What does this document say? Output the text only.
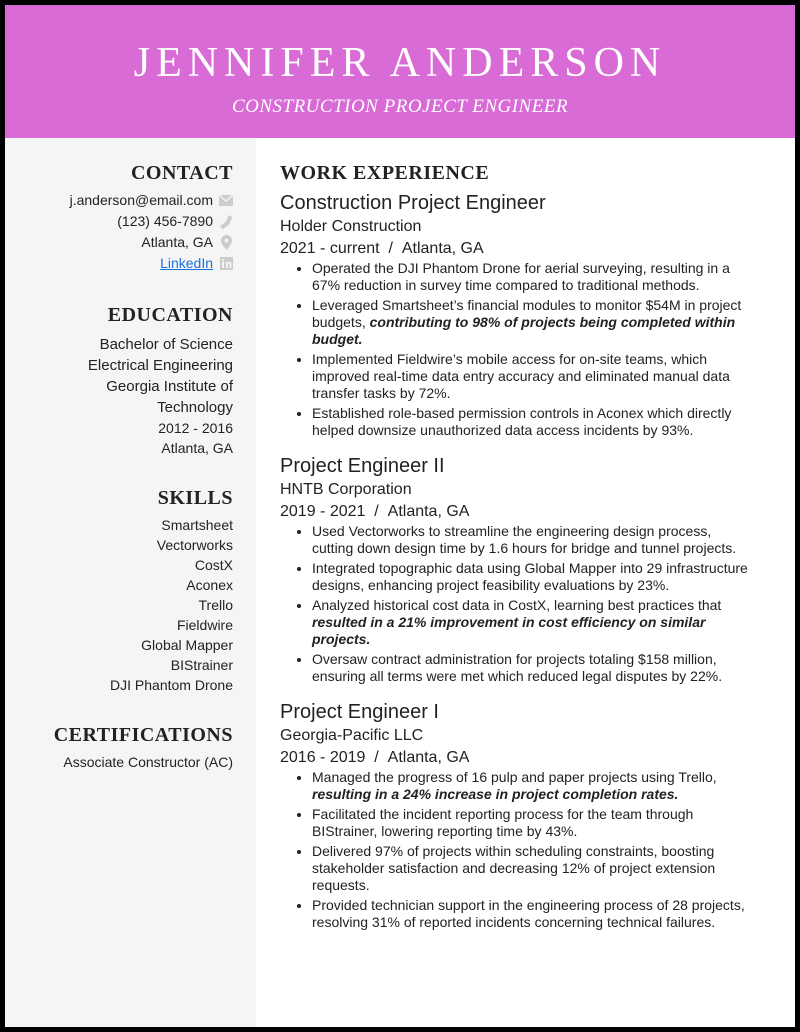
JENNIFER ANDERSON
CONSTRUCTION PROJECT ENGINEER
CONTACT
j.anderson@email.com
(123) 456-7890
Atlanta, GA
LinkedIn
EDUCATION
Bachelor of Science
Electrical Engineering
Georgia Institute of
Technology
2012 - 2016
Atlanta, GA
SKILLS
Smartsheet
Vectorworks
CostX
Aconex
Trello
Fieldwire
Global Mapper
BIStrainer
DJI Phantom Drone
CERTIFICATIONS
Associate Constructor (AC)
WORK EXPERIENCE
Construction Project Engineer
Holder Construction
2021 - current  /  Atlanta, GA
• Operated the DJI Phantom Drone for aerial surveying, resulting in a 67% reduction in survey time compared to traditional methods.
• Leveraged Smartsheet’s financial modules to monitor $54M in project budgets, contributing to 98% of projects being completed within budget.
• Implemented Fieldwire’s mobile access for on-site teams, which improved real-time data entry accuracy and eliminated manual data transfer tasks by 72%.
• Established role-based permission controls in Aconex which directly helped downsize unauthorized data access incidents by 93%.
Project Engineer II
HNTB Corporation
2019 - 2021  /  Atlanta, GA
• Used Vectorworks to streamline the engineering design process, cutting down design time by 1.6 hours for bridge and tunnel projects.
• Integrated topographic data using Global Mapper into 29 infrastructure designs, enhancing project feasibility evaluations by 23%.
• Analyzed historical cost data in CostX, learning best practices that resulted in a 21% improvement in cost efficiency on similar projects.
• Oversaw contract administration for projects totaling $158 million, ensuring all terms were met which reduced legal disputes by 22%.
Project Engineer I
Georgia-Pacific LLC
2016 - 2019  /  Atlanta, GA
• Managed the progress of 16 pulp and paper projects using Trello, resulting in a 24% increase in project completion rates.
• Facilitated the incident reporting process for the team through BIStrainer, lowering reporting time by 43%.
• Delivered 97% of projects within scheduling constraints, boosting stakeholder satisfaction and decreasing 12% of project extension requests.
• Provided technician support in the engineering process of 28 projects, resolving 31% of reported incidents concerning technical failures.
